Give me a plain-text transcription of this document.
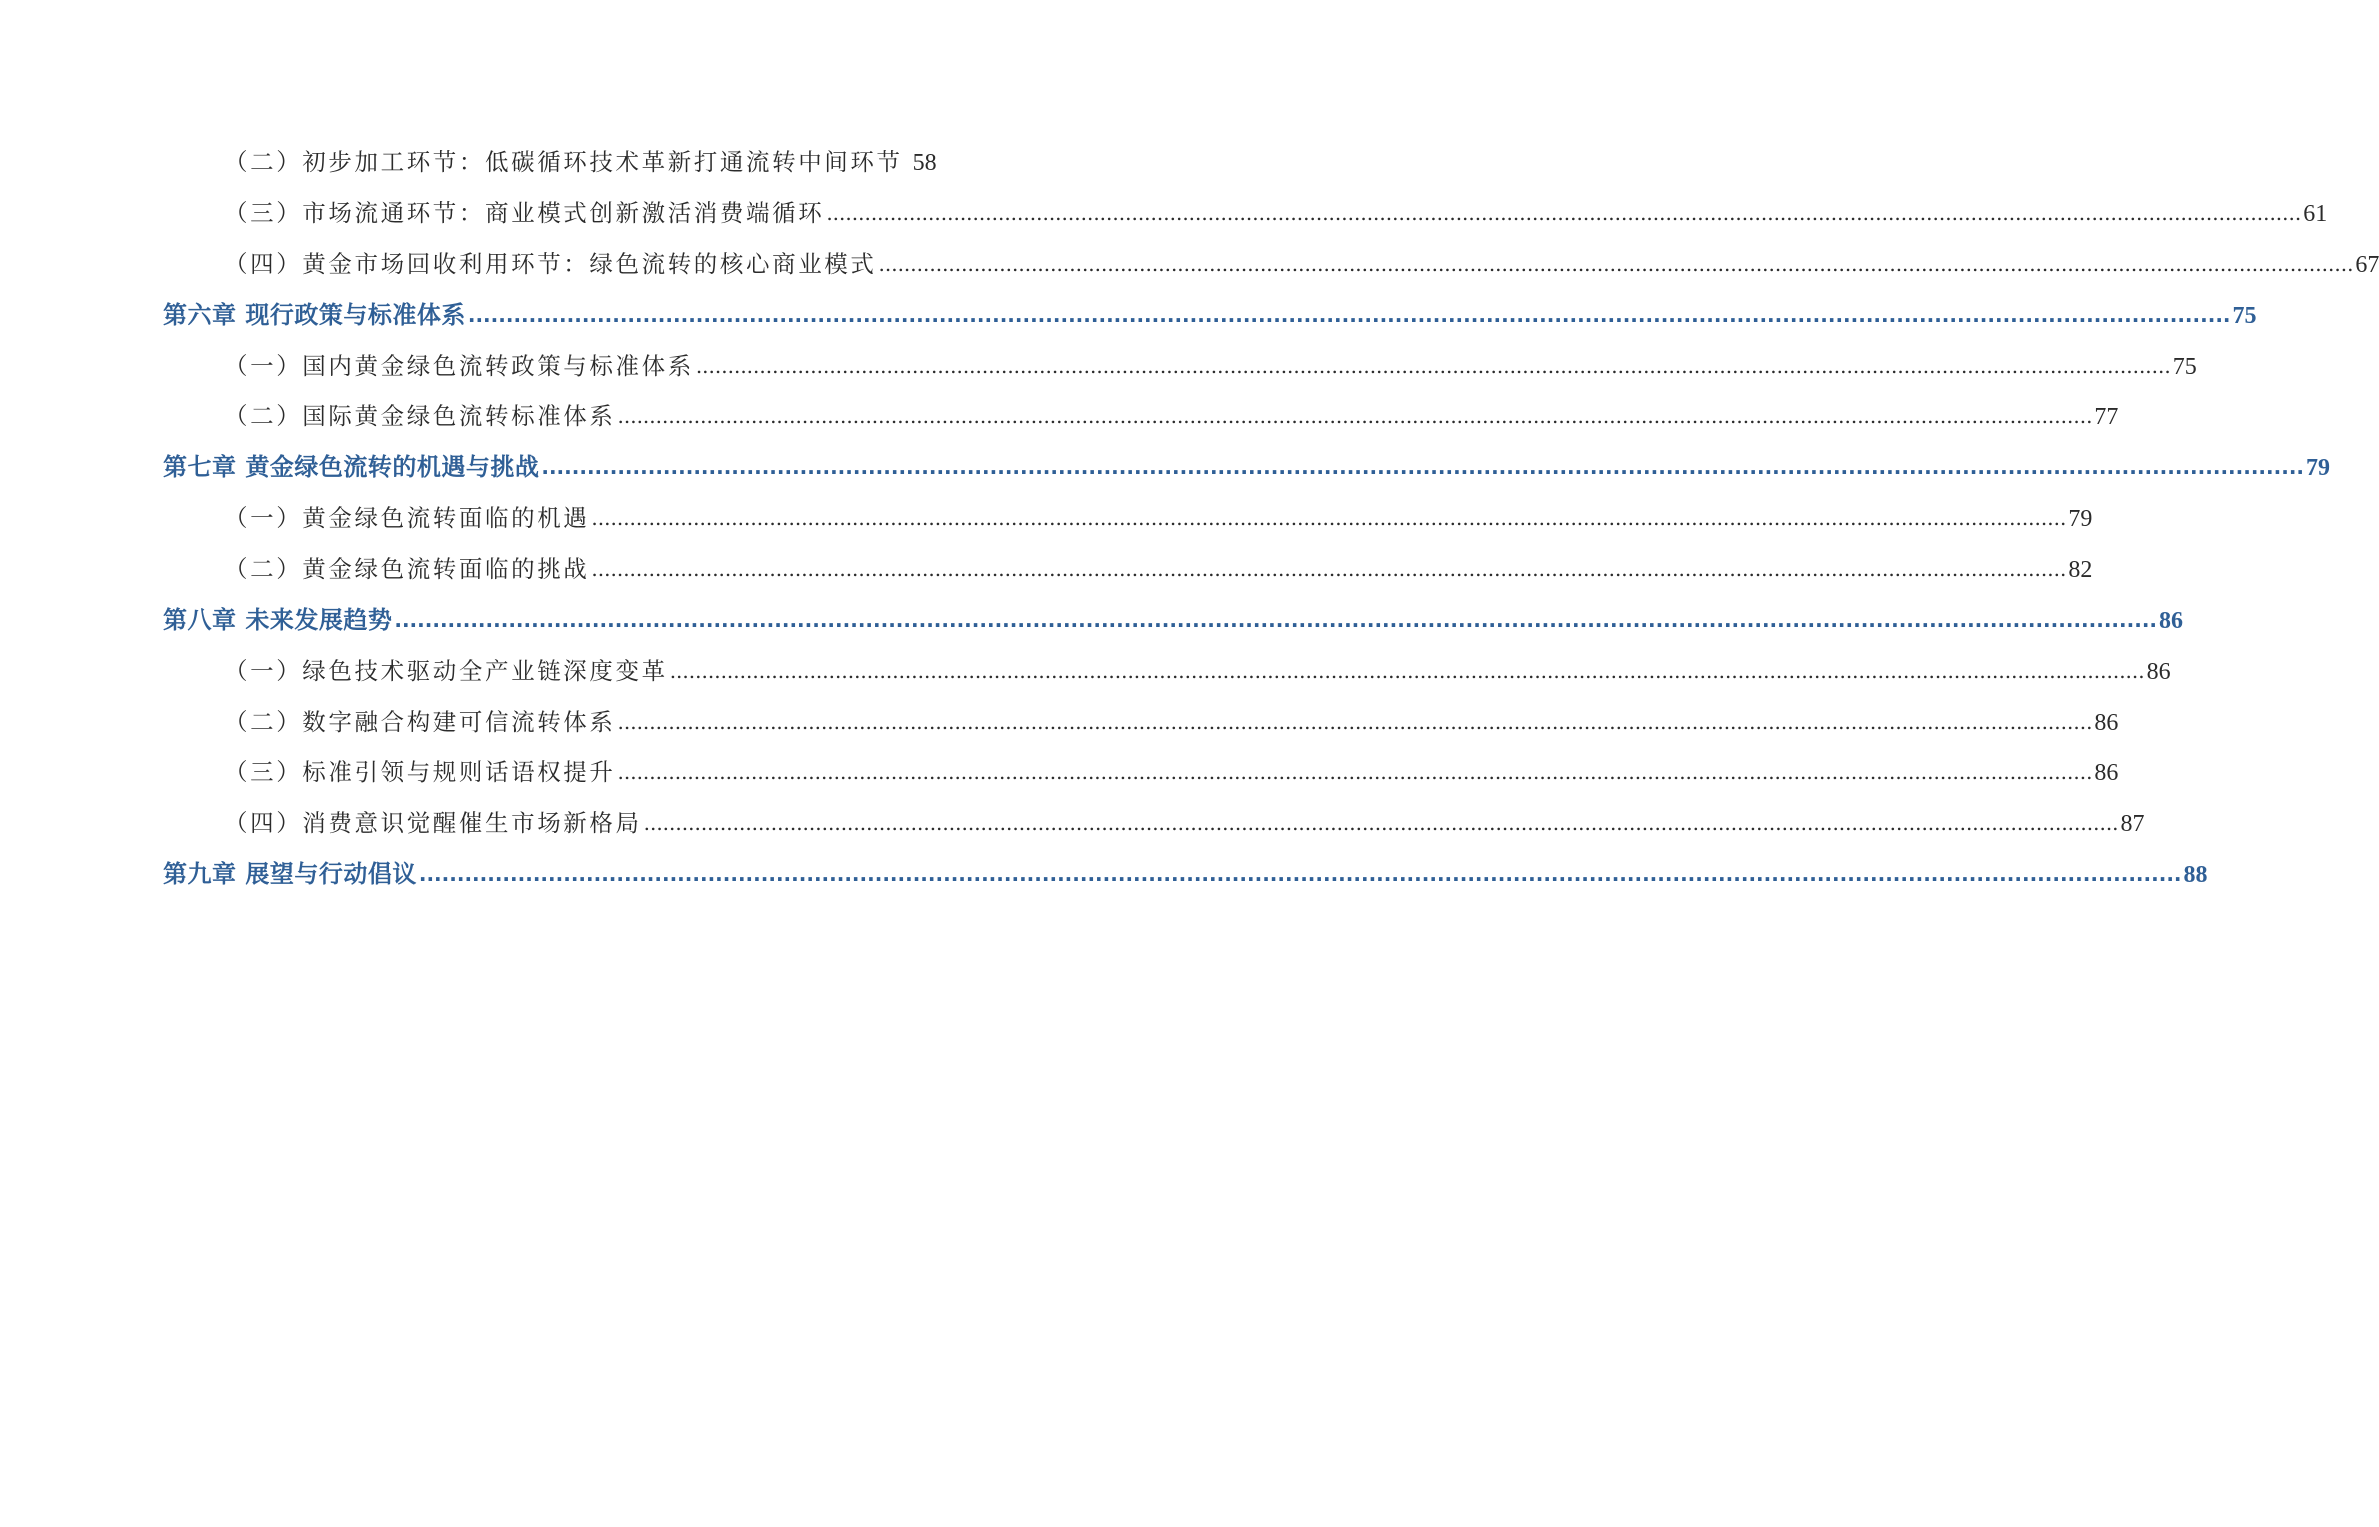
（二）初步加工环节：低碳循环技术革新打通流转中间环节 58
（三）市场流通环节：商业模式创新激活消费端循环 .....	61
（四）黄金市场回收利用环节：绿色流转的核心商业模式 .....	67
第六章 现行政策与标准体系 .....	75
（一）国内黄金绿色流转政策与标准体系 .....	75
（二）国际黄金绿色流转标准体系 .....	77
第七章 黄金绿色流转的机遇与挑战 .....	79
（一）黄金绿色流转面临的机遇 .....	79
（二）黄金绿色流转面临的挑战 .....	82
第八章 未来发展趋势 .....	86
（一）绿色技术驱动全产业链深度变革 .....	86
（二）数字融合构建可信流转体系 .....	86
（三）标准引领与规则话语权提升 .....	86
（四）消费意识觉醒催生市场新格局 .....	87
第九章 展望与行动倡议 .....	88
